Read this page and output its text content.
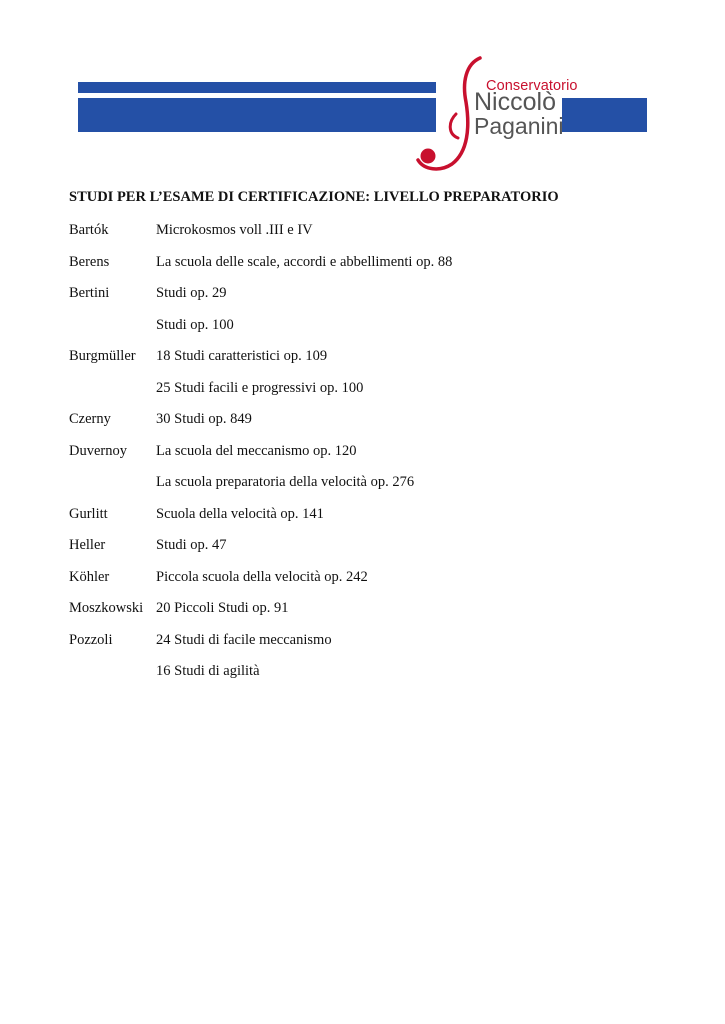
Conservatorio
Niccolò
Paganini
STUDI PER L’ESAME DI CERTIFICAZIONE: LIVELLO PREPARATORIO
Bartók	Microkosmos voll .III e IV
Berens	La scuola delle scale, accordi e abbellimenti op. 88
Bertini	Studi op. 29
Studi op. 100
Burgmüller 18 Studi caratteristici op. 109
25 Studi facili e progressivi op. 100
Czerny	30 Studi op. 849
Duvernoy La scuola del meccanismo op. 120
La scuola preparatoria della velocità op. 276
Gurlitt	Scuola della velocità op. 141
Heller	Studi op. 47
Köhler	Piccola scuola della velocità op. 242
Moszkowski 20 Piccoli Studi op. 91
Pozzoli	24 Studi di facile meccanismo
16 Studi di agilità
